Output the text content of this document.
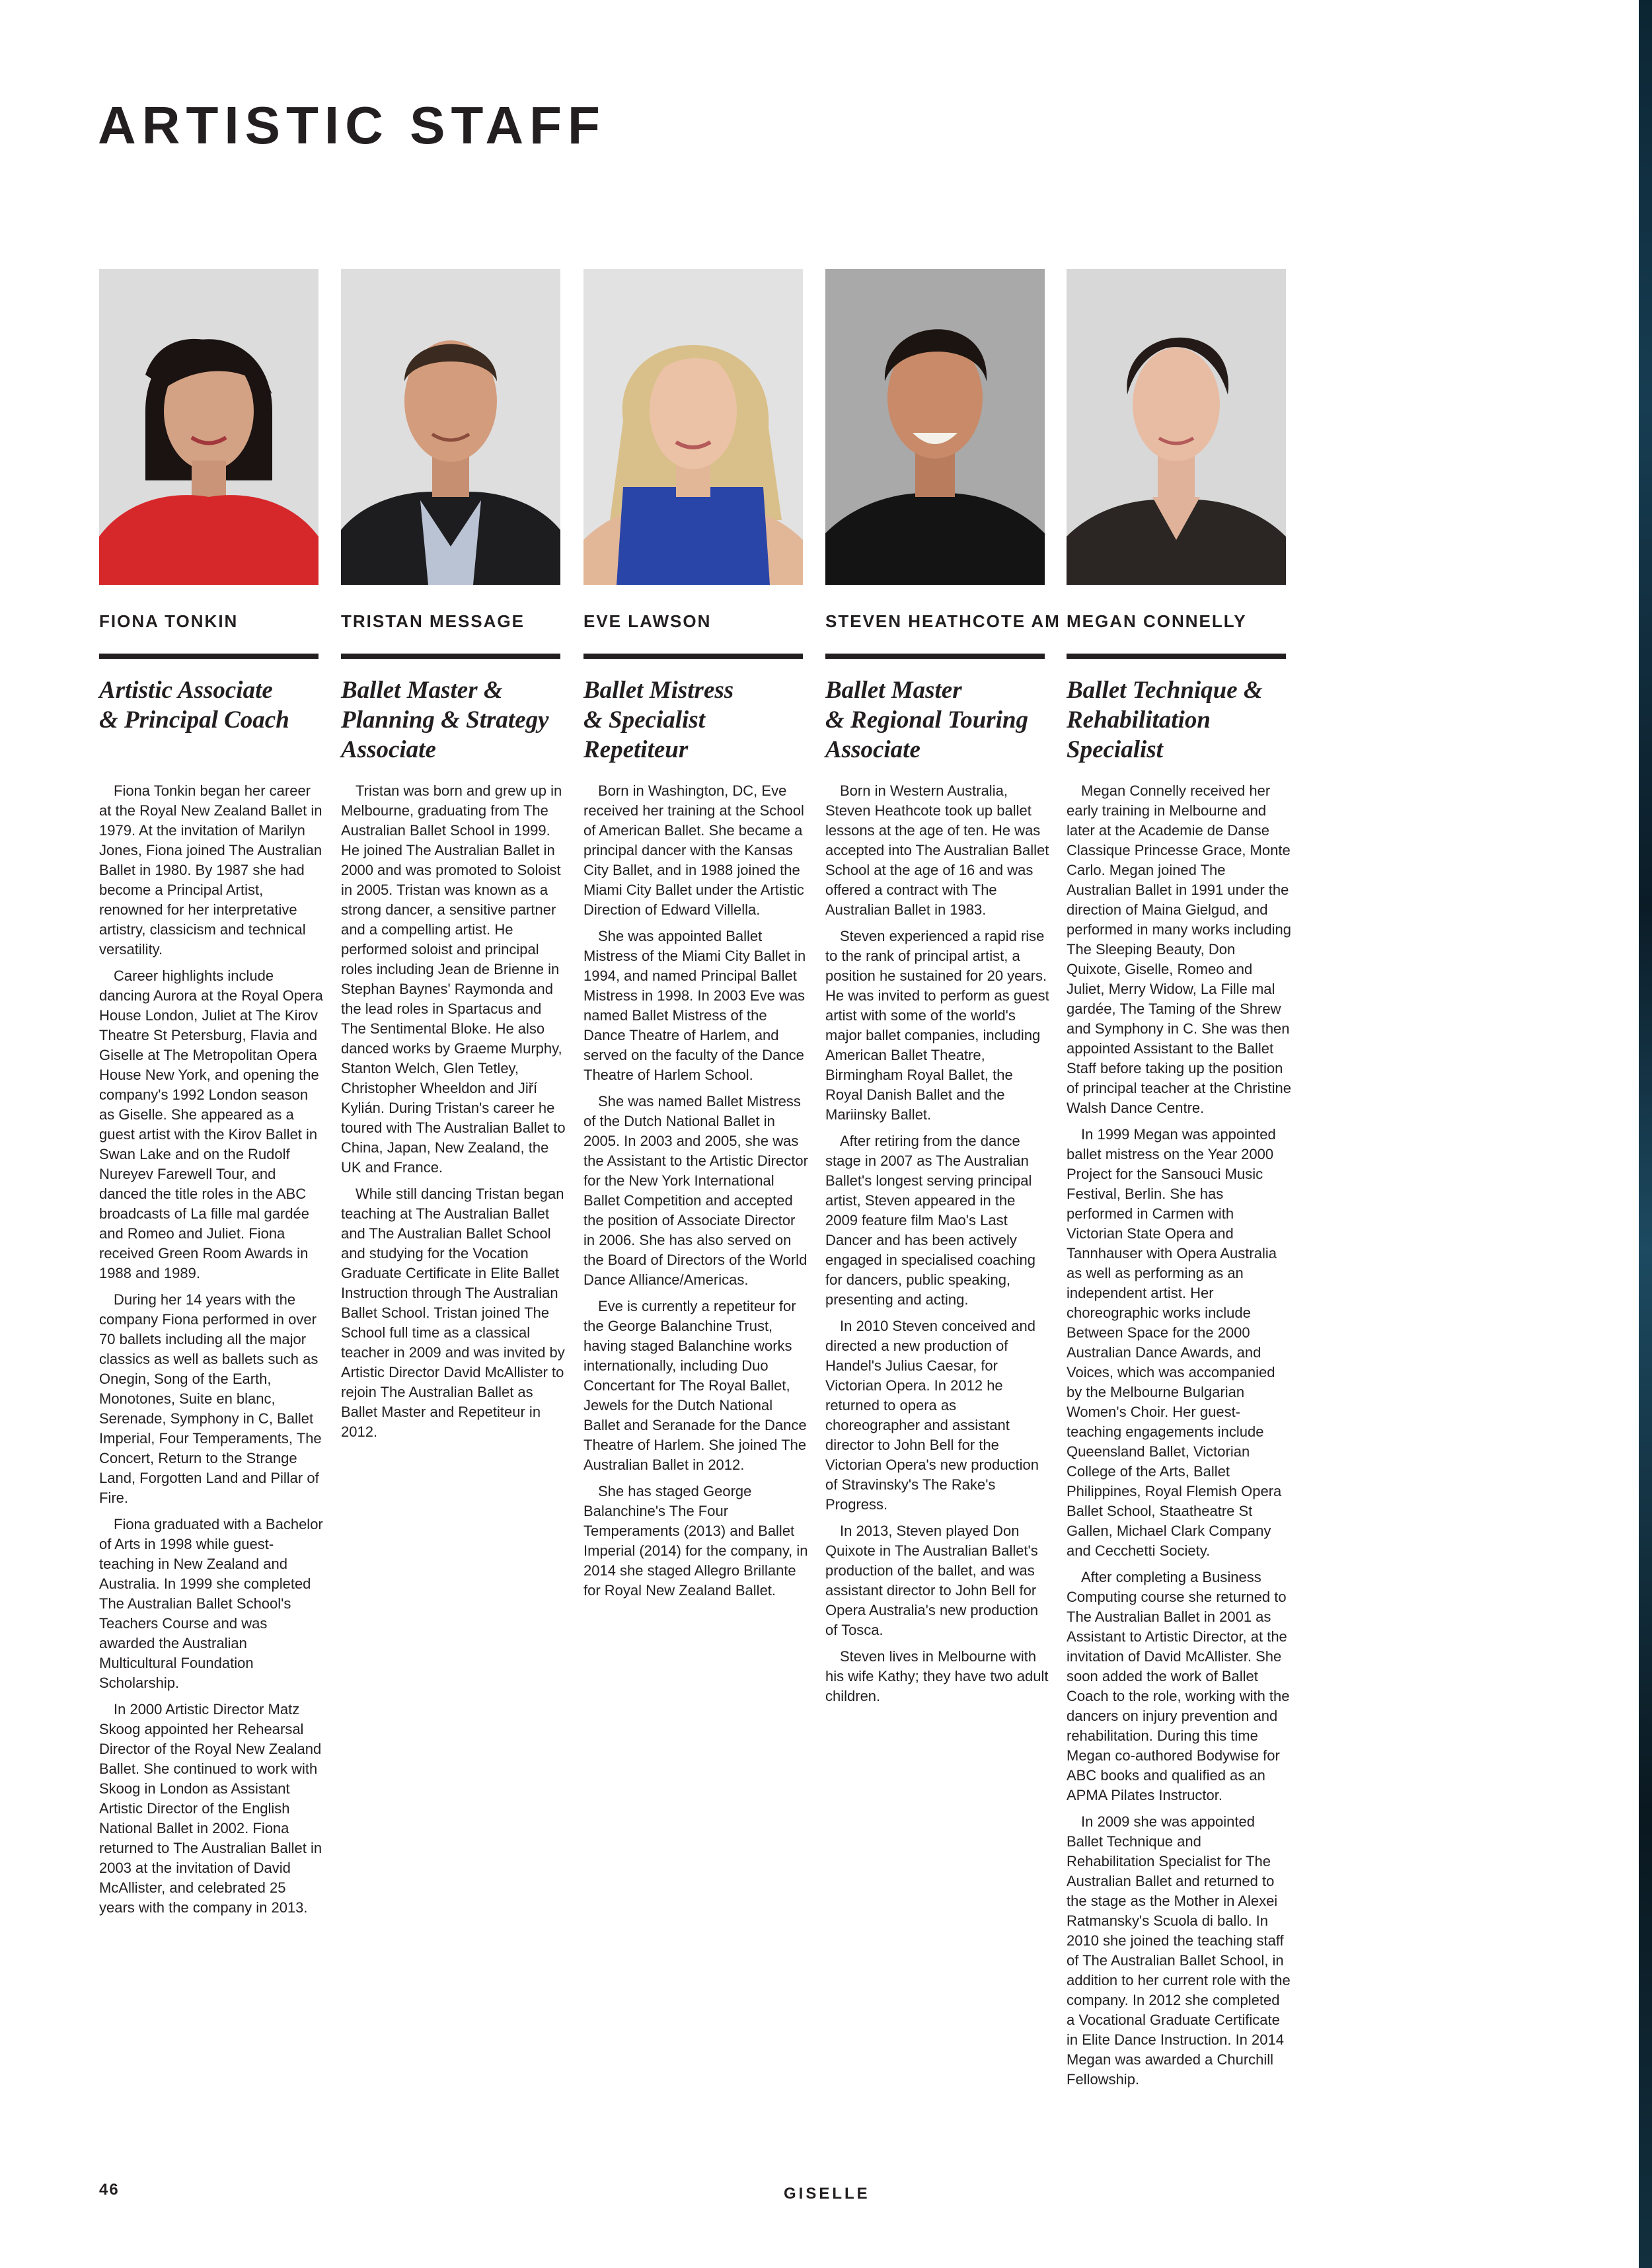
ARTISTIC STAFF
FIONA TONKIN
Artistic Associate
& Principal Coach

Fiona Tonkin began her career at the Royal New Zealand Ballet in 1979. At the invitation of Marilyn Jones, Fiona joined The Australian Ballet in 1980. By 1987 she had become a Principal Artist, renowned for her interpretative artistry, classicism and technical versatility.

Career highlights include dancing Aurora at the Royal Opera House London, Juliet at The Kirov Theatre St Petersburg, Flavia and Giselle at The Metropolitan Opera House New York, and opening the company's 1992 London season as Giselle. She appeared as a guest artist with the Kirov Ballet in Swan Lake and on the Rudolf Nureyev Farewell Tour, and danced the title roles in the ABC broadcasts of La fille mal gardée and Romeo and Juliet. Fiona received Green Room Awards in 1988 and 1989.

During her 14 years with the company Fiona performed in over 70 ballets including all the major classics as well as ballets such as Onegin, Song of the Earth, Monotones, Suite en blanc, Serenade, Symphony in C, Ballet Imperial, Four Temperaments, The Concert, Return to the Strange Land, Forgotten Land and Pillar of Fire.

Fiona graduated with a Bachelor of Arts in 1998 while guest-teaching in New Zealand and Australia. In 1999 she completed The Australian Ballet School's Teachers Course and was awarded the Australian Multicultural Foundation Scholarship.

In 2000 Artistic Director Matz Skoog appointed her Rehearsal Director of the Royal New Zealand Ballet. She continued to work with Skoog in London as Assistant Artistic Director of the English National Ballet in 2002. Fiona returned to The Australian Ballet in 2003 at the invitation of David McAllister, and celebrated 25 years with the company in 2013.

TRISTAN MESSAGE
Ballet Master &
Planning & Strategy
Associate

Tristan was born and grew up in Melbourne, graduating from The Australian Ballet School in 1999. He joined The Australian Ballet in 2000 and was promoted to Soloist in 2005. Tristan was known as a strong dancer, a sensitive partner and a compelling artist. He performed soloist and principal roles including Jean de Brienne in Stephan Baynes' Raymonda and the lead roles in Spartacus and The Sentimental Bloke. He also danced works by Graeme Murphy, Stanton Welch, Glen Tetley, Christopher Wheeldon and Jiří Kylián. During Tristan's career he toured with The Australian Ballet to China, Japan, New Zealand, the UK and France.

While still dancing Tristan began teaching at The Australian Ballet and The Australian Ballet School and studying for the Vocation Graduate Certificate in Elite Ballet Instruction through The Australian Ballet School. Tristan joined The School full time as a classical teacher in 2009 and was invited by Artistic Director David McAllister to rejoin The Australian Ballet as Ballet Master and Repetiteur in 2012.

EVE LAWSON
Ballet Mistress
& Specialist
Repetiteur

Born in Washington, DC, Eve received her training at the School of American Ballet. She became a principal dancer with the Kansas City Ballet, and in 1988 joined the Miami City Ballet under the Artistic Direction of Edward Villella.

She was appointed Ballet Mistress of the Miami City Ballet in 1994, and named Principal Ballet Mistress in 1998. In 2003 Eve was named Ballet Mistress of the Dance Theatre of Harlem, and served on the faculty of the Dance Theatre of Harlem School.

She was named Ballet Mistress of the Dutch National Ballet in 2005. In 2003 and 2005, she was the Assistant to the Artistic Director for the New York International Ballet Competition and accepted the position of Associate Director in 2006. She has also served on the Board of Directors of the World Dance Alliance/Americas.

Eve is currently a repetiteur for the George Balanchine Trust, having staged Balanchine works internationally, including Duo Concertant for The Royal Ballet, Jewels for the Dutch National Ballet and Seranade for the Dance Theatre of Harlem. She joined The Australian Ballet in 2012.

She has staged George Balanchine's The Four Temperaments (2013) and Ballet Imperial (2014) for the company, in 2014 she staged Allegro Brillante for Royal New Zealand Ballet.

STEVEN HEATHCOTE AM
Ballet Master
& Regional Touring
Associate

Born in Western Australia, Steven Heathcote took up ballet lessons at the age of ten. He was accepted into The Australian Ballet School at the age of 16 and was offered a contract with The Australian Ballet in 1983.

Steven experienced a rapid rise to the rank of principal artist, a position he sustained for 20 years. He was invited to perform as guest artist with some of the world's major ballet companies, including American Ballet Theatre, Birmingham Royal Ballet, the Royal Danish Ballet and the Mariinsky Ballet.

After retiring from the dance stage in 2007 as The Australian Ballet's longest serving principal artist, Steven appeared in the 2009 feature film Mao's Last Dancer and has been actively engaged in specialised coaching for dancers, public speaking, presenting and acting.

In 2010 Steven conceived and directed a new production of Handel's Julius Caesar, for Victorian Opera. In 2012 he returned to opera as choreographer and assistant director to John Bell for the Victorian Opera's new production of Stravinsky's The Rake's Progress.

In 2013, Steven played Don Quixote in The Australian Ballet's production of the ballet, and was assistant director to John Bell for Opera Australia's new production of Tosca.

Steven lives in Melbourne with his wife Kathy; they have two adult children.

MEGAN CONNELLY
Ballet Technique &
Rehabilitation
Specialist

Megan Connelly received her early training in Melbourne and later at the Academie de Danse Classique Princesse Grace, Monte Carlo. Megan joined The Australian Ballet in 1991 under the direction of Maina Gielgud, and performed in many works including The Sleeping Beauty, Don Quixote, Giselle, Romeo and Juliet, Merry Widow, La Fille mal gardée, The Taming of the Shrew and Symphony in C. She was then appointed Assistant to the Ballet Staff before taking up the position of principal teacher at the Christine Walsh Dance Centre.

In 1999 Megan was appointed ballet mistress on the Year 2000 Project for the Sansouci Music Festival, Berlin. She has performed in Carmen with Victorian State Opera and Tannhauser with Opera Australia as well as performing as an independent artist. Her choreographic works include Between Space for the 2000 Australian Dance Awards, and Voices, which was accompanied by the Melbourne Bulgarian Women's Choir. Her guest-teaching engagements include Queensland Ballet, Victorian College of the Arts, Ballet Philippines, Royal Flemish Opera Ballet School, Staatheatre St Gallen, Michael Clark Company and Cecchetti Society.

After completing a Business Computing course she returned to The Australian Ballet in 2001 as Assistant to Artistic Director, at the invitation of David McAllister. She soon added the work of Ballet Coach to the role, working with the dancers on injury prevention and rehabilitation. During this time Megan co-authored Bodywise for ABC books and qualified as an APMA Pilates Instructor.

In 2009 she was appointed Ballet Technique and Rehabilitation Specialist for The Australian Ballet and returned to the stage as the Mother in Alexei Ratmansky's Scuola di ballo. In 2010 she joined the teaching staff of The Australian Ballet School, in addition to her current role with the company. In 2012 she completed a Vocational Graduate Certificate in Elite Dance Instruction. In 2014 Megan was awarded a Churchill Fellowship.

46	GISELLE
